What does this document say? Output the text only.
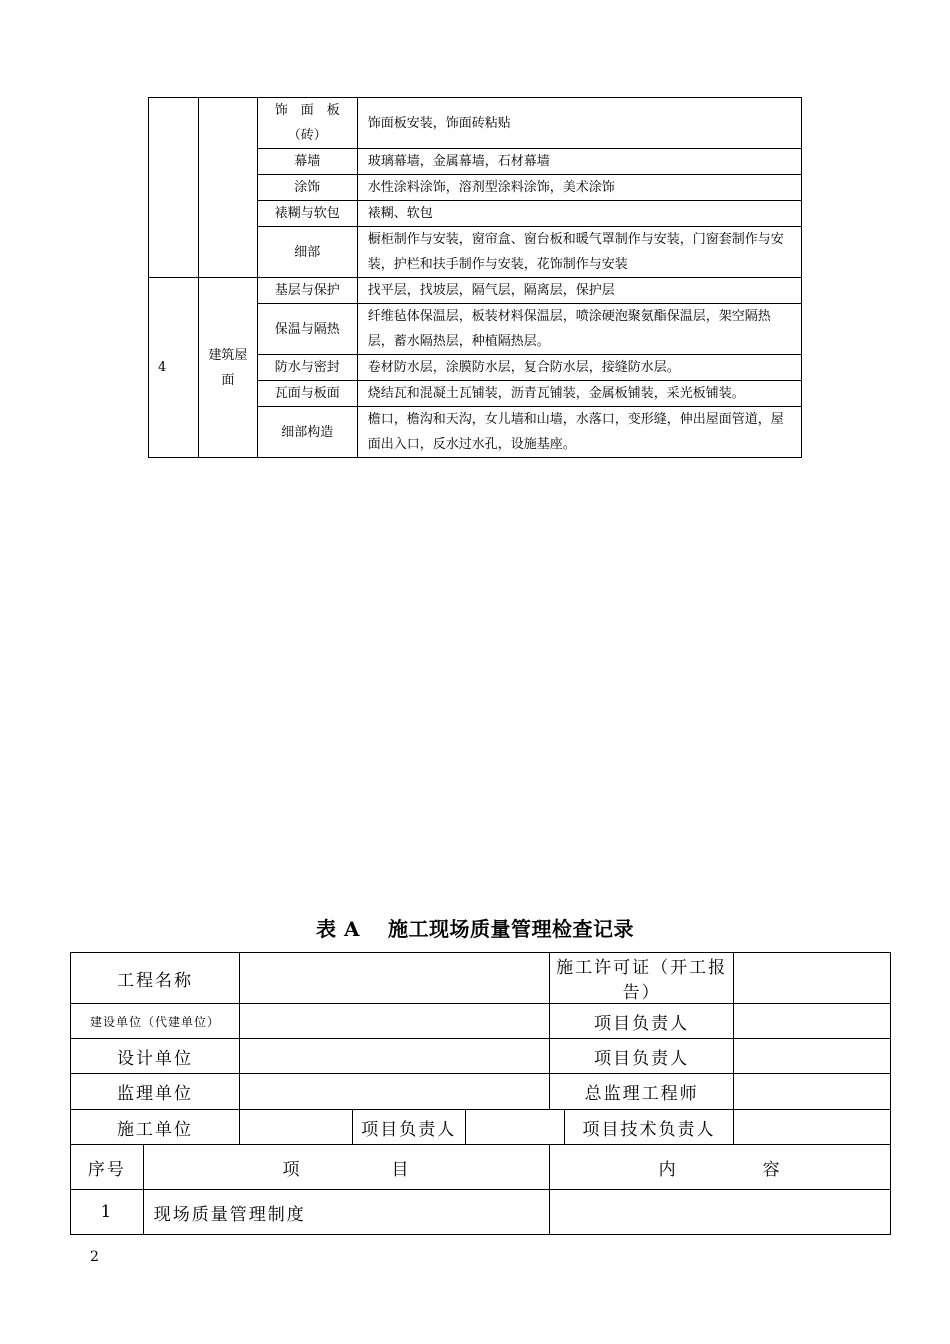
		饰　面　板（砖）	饰面板安装，饰面砖粘贴
		幕墙	玻璃幕墙，金属幕墙，石材幕墙
		涂饰	水性涂料涂饰，溶剂型涂料涂饰，美术涂饰
		裱糊与软包	裱糊、软包
		细部	橱柜制作与安装，窗帘盒、窗台板和暖气罩制作与安装，门窗套制作与安装，护栏和扶手制作与安装，花饰制作与安装
4	建筑屋面	基层与保护	找平层，找坡层，隔气层，隔离层，保护层
		保温与隔热	纤维毡体保温层，板装材料保温层，喷涂硬泡聚氨酯保温层，架空隔热层，蓄水隔热层，种植隔热层。
		防水与密封	卷材防水层，涂膜防水层，复合防水层，接缝防水层。
		瓦面与板面	烧结瓦和混凝土瓦铺装，沥青瓦铺装，金属板铺装，采光板铺装。
		细部构造	檐口，檐沟和天沟，女儿墙和山墙，水落口，变形缝，伸出屋面管道，屋面出入口，反水过水孔，设施基座。
表 A 施工现场质量管理检查记录
工程名称					施工许可证（开工报告）		
建设单位（代建单位）					项目负责人		
设计单位					项目负责人		
监理单位					总监理工程师		
施工单位			项目负责人			项目技术负责人	
序号	项 目				内 容		
1	现场质量管理制度						
2
